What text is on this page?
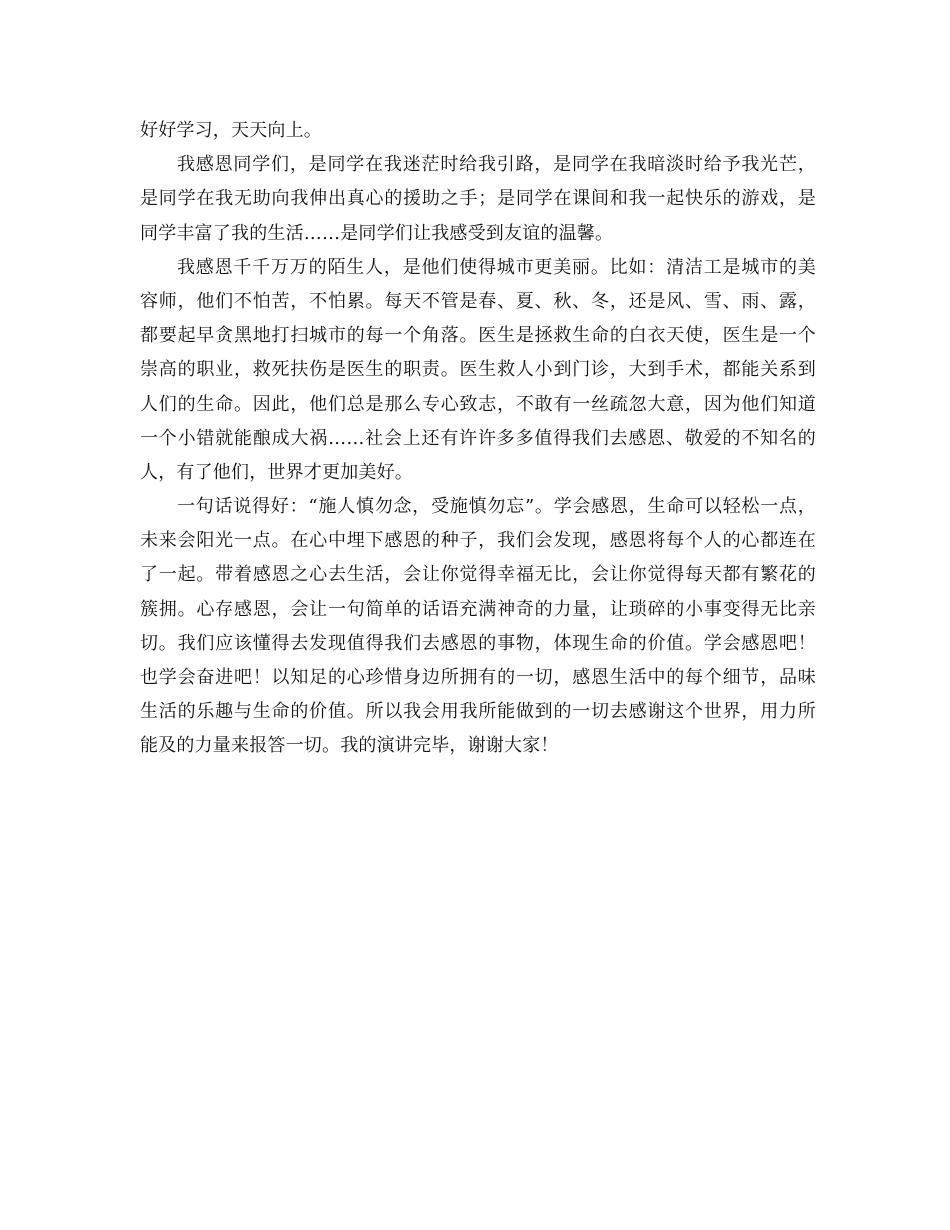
好好学习，天天向上。
我感恩同学们，是同学在我迷茫时给我引路，是同学在我暗淡时给予我光芒，
是同学在我无助向我伸出真心的援助之手；是同学在课间和我一起快乐的游戏，是
同学丰富了我的生活……是同学们让我感受到友谊的温馨。
我感恩千千万万的陌生人，是他们使得城市更美丽。比如：清洁工是城市的美
容师，他们不怕苦，不怕累。每天不管是春、夏、秋、冬，还是风、雪、雨、露，
都要起早贪黑地打扫城市的每一个角落。医生是拯救生命的白衣天使，医生是一个
崇高的职业，救死扶伤是医生的职责。医生救人小到门诊，大到手术，都能关系到
人们的生命。因此，他们总是那么专心致志，不敢有一丝疏忽大意，因为他们知道
一个小错就能酿成大祸……社会上还有许许多多值得我们去感恩、敬爱的不知名的
人，有了他们，世界才更加美好。
一句话说得好：“施人慎勿念，受施慎勿忘”。学会感恩，生命可以轻松一点，
未来会阳光一点。在心中埋下感恩的种子，我们会发现，感恩将每个人的心都连在
了一起。带着感恩之心去生活，会让你觉得幸福无比，会让你觉得每天都有繁花的
簇拥。心存感恩，会让一句简单的话语充满神奇的力量，让琐碎的小事变得无比亲
切。我们应该懂得去发现值得我们去感恩的事物，体现生命的价值。学会感恩吧！
也学会奋进吧！以知足的心珍惜身边所拥有的一切，感恩生活中的每个细节，品味
生活的乐趣与生命的价值。所以我会用我所能做到的一切去感谢这个世界，用力所
能及的力量来报答一切。我的演讲完毕，谢谢大家！
